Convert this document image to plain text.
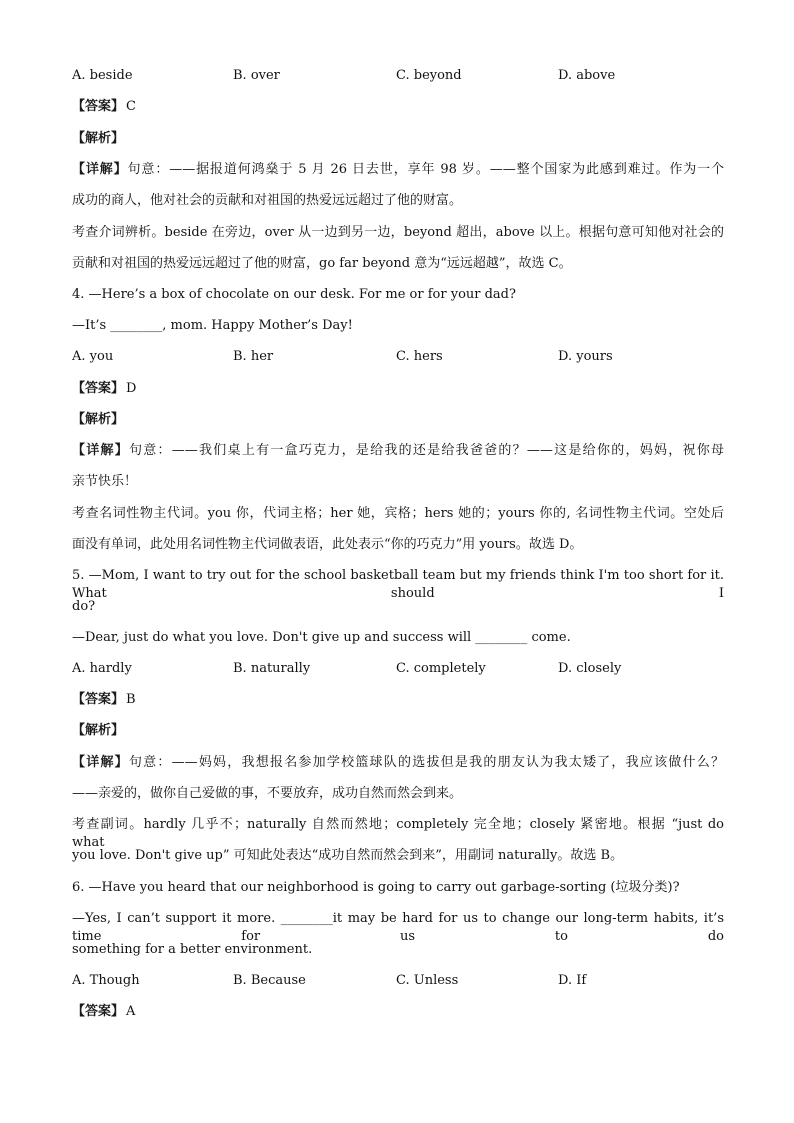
A. beside	B. over	C. beyond	D. above
【答案】 C
【解析】
【详解】句意：——据报道何鸿燊于 5 月 26 日去世，享年 98 岁。——整个国家为此感到难过。作为一个
成功的商人，他对社会的贡献和对祖国的热爱远远超过了他的财富。
考查介词辨析。beside 在旁边，over 从一边到另一边，beyond 超出，above 以上。根据句意可知他对社会的
贡献和对祖国的热爱远远超过了他的财富，go far beyond 意为“远远超越”，故选 C。
4. —Here’s a box of chocolate on our desk. For me or for your dad?
—It’s ________, mom. Happy Mother’s Day!
A. you	B. her	C. hers	D. yours
【答案】 D
【解析】
【详解】句意：——我们桌上有一盒巧克力，是给我的还是给我爸爸的？——这是给你的，妈妈，祝你母
亲节快乐！
考查名词性物主代词。you 你，代词主格；her 她，宾格；hers 她的；yours 你的, 名词性物主代词。空处后
面没有单词，此处用名词性物主代词做表语，此处表示“你的巧克力”用 yours。故选 D。
5. —Mom, I want to try out for the school basketball team but my friends think I'm too short for it. What should I
do?
—Dear, just do what you love. Don't give up and success will ________ come.
A. hardly	B. naturally	C. completely	D. closely
【答案】 B
【解析】
【详解】句意：——妈妈，我想报名参加学校篮球队的选拔但是我的朋友认为我太矮了，我应该做什么？
——亲爱的，做你自己爱做的事，不要放弃，成功自然而然会到来。
考查副词。hardly 几乎不；naturally 自然而然地；completely 完全地；closely 紧密地。根据 “just do what
you love. Don't give up” 可知此处表达“成功自然而然会到来”，用副词 naturally。故选 B。
6. —Have you heard that our neighborhood is going to carry out garbage-sorting (垃圾分类)?
—Yes, I can’t support it more. ________it may be hard for us to change our long-term habits, it’s time for us to do
something for a better environment.
A. Though	B. Because	C. Unless	D. If
【答案】 A
